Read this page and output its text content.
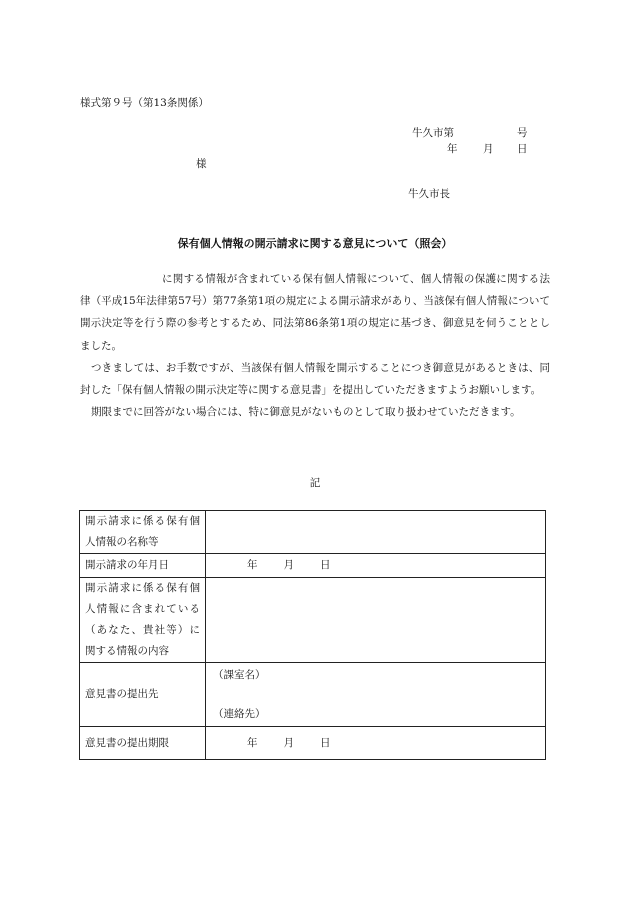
様式第９号（第13条関係）
牛久市第	号
年 月 日
様
牛久市長
保有個人情報の開示請求に関する意見について（照会）

に関する情報が含まれている保有個人情報について、個人情報の保護に関する法律（平成15年法律第57号）第77条第1項の規定による開示請求があり、当該保有個人情報について開示決定等を行う際の参考とするため、同法第86条第1項の規定に基づき、御意見を伺うこととしました。

つきましては、お手数ですが、当該保有個人情報を開示することにつき御意見があるときは、同封した「保有個人情報の開示決定等に関する意見書」を提出していただきますようお願いします。

期限までに回答がない場合には、特に御意見がないものとして取り扱わせていただきます。

記
開示請求に係る保有個人情報の名称等	

開示請求の年月日	年 月 日

開示請求に係る保有個人情報に含まれている（あなた、貴社等）に関する情報の内容	

意見書の提出先	（課室名）
（連絡先）

意見書の提出期限	年 月 日
